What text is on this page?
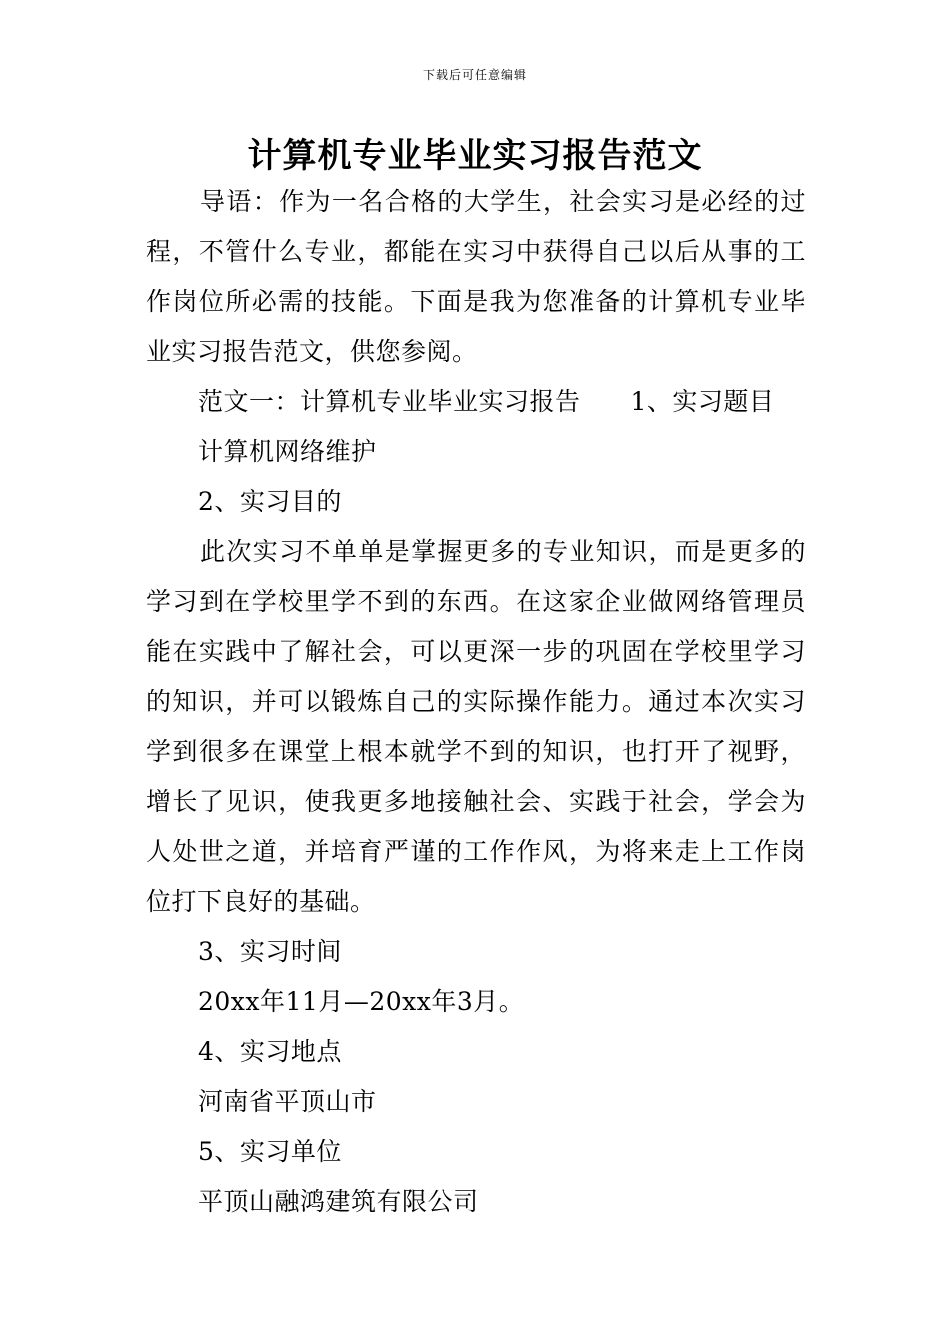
下载后可任意编辑
计算机专业毕业实习报告范文

导语：作为一名合格的大学生，社会实习是必经的过程，不管什么专业，都能在实习中获得自己以后从事的工作岗位所必需的技能。下面是我为您准备的计算机专业毕业实习报告范文，供您参阅。

范文一：计算机专业毕业实习报告 1、实习题目

计算机网络维护

2、实习目的

此次实习不单单是掌握更多的专业知识，而是更多的学习到在学校里学不到的东西。在这家企业做网络管理员能在实践中了解社会，可以更深一步的巩固在学校里学习的知识，并可以锻炼自己的实际操作能力。通过本次实习学到很多在课堂上根本就学不到的知识，也打开了视野，增长了见识，使我更多地接触社会、实践于社会，学会为人处世之道，并培育严谨的工作作风，为将来走上工作岗位打下良好的基础。

3、实习时间

20xx年11月—20xx年3月。

4、实习地点

河南省平顶山市

5、实习单位

平顶山融鸿建筑有限公司
